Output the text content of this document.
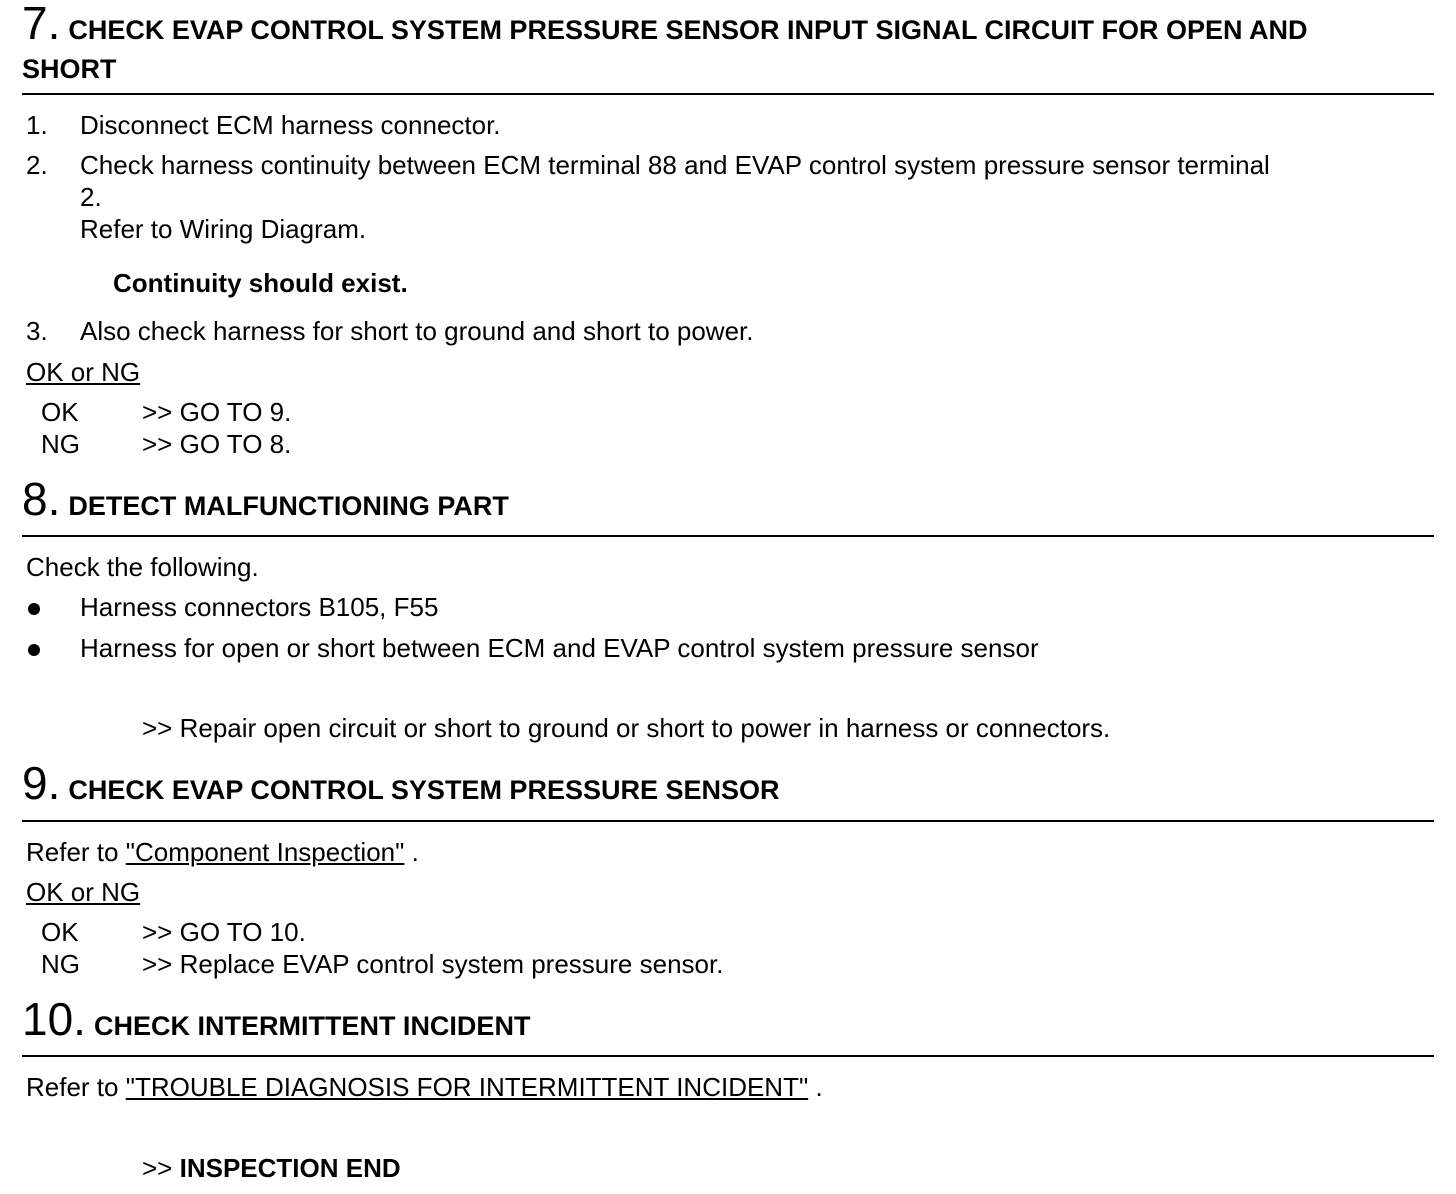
7. CHECK EVAP CONTROL SYSTEM PRESSURE SENSOR INPUT SIGNAL CIRCUIT FOR OPEN AND
SHORT
1. Disconnect ECM harness connector.
2. Check harness continuity between ECM terminal 88 and EVAP control system pressure sensor terminal
2.
Refer to Wiring Diagram.
Continuity should exist.
3. Also check harness for short to ground and short to power.
OK or NG
OK >> GO TO 9.
NG >> GO TO 8.
8. DETECT MALFUNCTIONING PART
Check the following.
Harness connectors B105, F55
Harness for open or short between ECM and EVAP control system pressure sensor
>> Repair open circuit or short to ground or short to power in harness or connectors.
9. CHECK EVAP CONTROL SYSTEM PRESSURE SENSOR
Refer to "Component Inspection" .
OK or NG
OK >> GO TO 10.
NG >> Replace EVAP control system pressure sensor.
10. CHECK INTERMITTENT INCIDENT
Refer to "TROUBLE DIAGNOSIS FOR INTERMITTENT INCIDENT" .
>> INSPECTION END
